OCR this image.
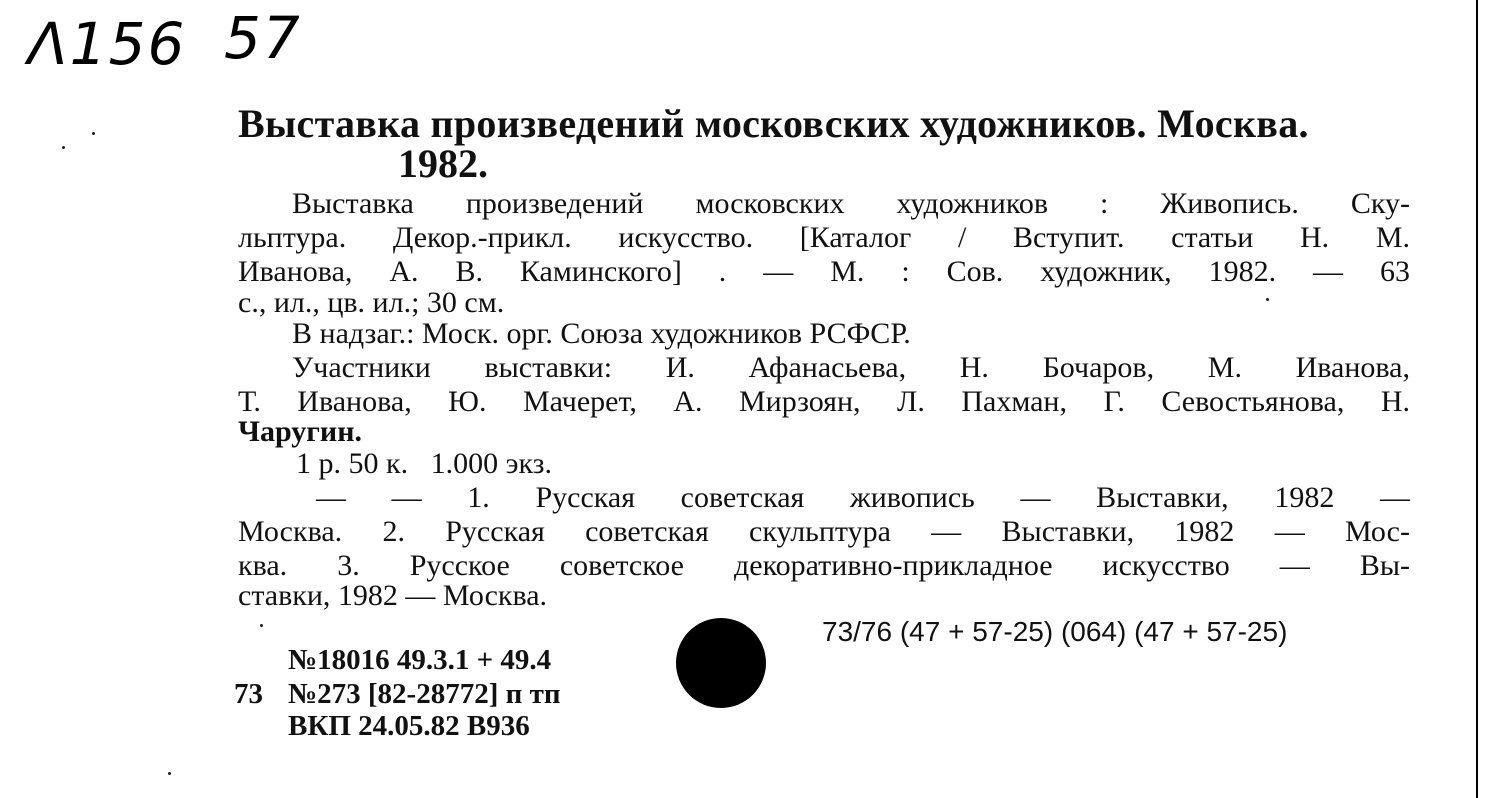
Λ156 57
Выставка произведений московских художников. Москва.
1982.
Выставка произведений московских художников : Живопись. Ску-
льптура. Декор.-прикл. искусство. [Каталог / Вступит. статьи Н. М.
Иванова, А. В. Каминского] . — М. : Сов. художник, 1982. — 63
с., ил., цв. ил.; 30 см.
В надзаг.: Моск. орг. Союза художников РСФСР.
Участники выставки: И. Афанасьева, Н. Бочаров, М. Иванова,
Т. Иванова, Ю. Мачерет, А. Мирзоян, Л. Пахман, Г. Севостьянова, Н.
Чаругин.
1 р. 50 к.   1.000 экз.
— — 1. Русская советская живопись — Выставки, 1982 —
Москва. 2. Русская советская скульптура — Выставки, 1982 — Мос-
ква. 3. Русское советское декоративно-прикладное искусство — Вы-
ставки, 1982 — Москва.
73/76 (47 + 57-25) (064) (47 + 57-25)
№18016 49.3.1 + 49.4
73 №273 [82-28772] п тп
ВКП 24.05.82 В936
